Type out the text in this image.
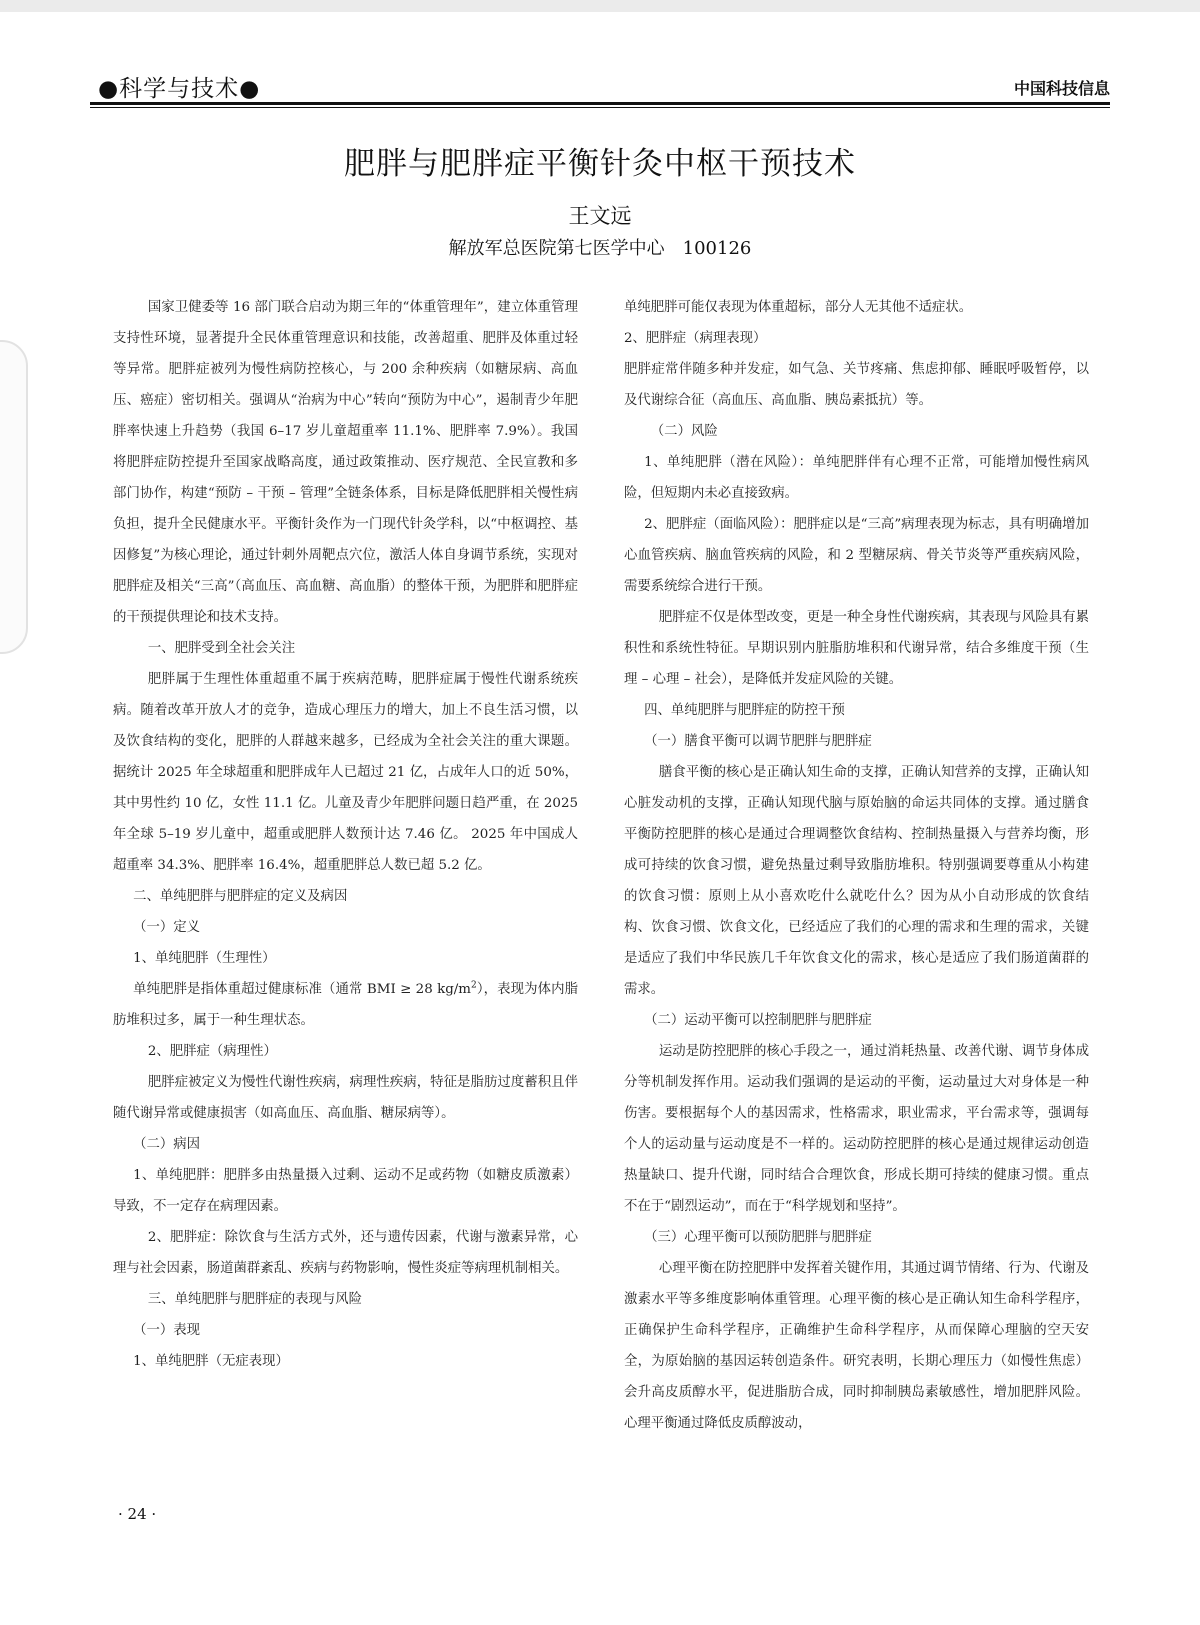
●科学与技术●	中国科技信息
肥胖与肥胖症平衡针灸中枢干预技术
王文远
解放军总医院第七医学中心 100126

国家卫健委等 16 部门联合启动为期三年的“体重管理年”，建立体重管理支持性环境，显著提升全民体重管理意识和技能，改善超重、肥胖及体重过轻等异常。肥胖症被列为慢性病防控核心，与 200 余种疾病（如糖尿病、高血压、癌症）密切相关。强调从“治病为中心”转向“预防为中心”，遏制青少年肥胖率快速上升趋势（我国 6–17 岁儿童超重率 11.1%、肥胖率 7.9%）。我国将肥胖症防控提升至国家战略高度，通过政策推动、医疗规范、全民宣教和多部门协作，构建“预防 – 干预 – 管理”全链条体系，目标是降低肥胖相关慢性病负担，提升全民健康水平。平衡针灸作为一门现代针灸学科，以“中枢调控、基因修复”为核心理论，通过针刺外周靶点穴位，激活人体自身调节系统，实现对肥胖症及相关“三高”（高血压、高血糖、高血脂）的整体干预，为肥胖和肥胖症的干预提供理论和技术支持。

一、肥胖受到全社会关注

肥胖属于生理性体重超重不属于疾病范畴，肥胖症属于慢性代谢系统疾病。随着改革开放人才的竞争，造成心理压力的增大，加上不良生活习惯，以及饮食结构的变化，肥胖的人群越来越多，已经成为全社会关注的重大课题。 据统计 2025 年全球超重和肥胖成年人已超过 21 亿，占成年人口的近 50%，其中男性约 10 亿，女性 11.1 亿。儿童及青少年肥胖问题日趋严重，在 2025 年全球 5–19 岁儿童中，超重或肥胖人数预计达 7.46 亿。 2025 年中国成人超重率 34.3%、肥胖率 16.4%，超重肥胖总人数已超 5.2 亿。

二、单纯肥胖与肥胖症的定义及病因

（一）定义

1、单纯肥胖（生理性）

单纯肥胖是指体重超过健康标准（通常 BMI ≥ 28 $kg/m^2$），表现为体内脂肪堆积过多，属于一种生理状态。

2、肥胖症（病理性）

肥胖症被定义为慢性代谢性疾病，病理性疾病，特征是脂肪过度蓄积且伴随代谢异常或健康损害（如高血压、高血脂、糖尿病等）。

（二）病因

1、单纯肥胖：肥胖多由热量摄入过剩、运动不足或药物（如糖皮质激素）导致，不一定存在病理因素。

2、肥胖症：除饮食与生活方式外，还与遗传因素，代谢与激素异常，心理与社会因素，肠道菌群紊乱、疾病与药物影响，慢性炎症等病理机制相关。

三、单纯肥胖与肥胖症的表现与风险

（一）表现

1、单纯肥胖（无症表现）

单纯肥胖可能仅表现为体重超标，部分人无其他不适症状。

2、肥胖症（病理表现）

肥胖症常伴随多种并发症，如气急、关节疼痛、焦虑抑郁、睡眠呼吸暂停，以及代谢综合征（高血压、高血脂、胰岛素抵抗）等。

（二）风险

1、单纯肥胖（潜在风险）：单纯肥胖伴有心理不正常，可能增加慢性病风险，但短期内未必直接致病。

2、肥胖症（面临风险）：肥胖症以是“三高”病理表现为标志，具有明确增加心血管疾病、脑血管疾病的风险，和 2 型糖尿病、骨关节炎等严重疾病风险，需要系统综合进行干预。

肥胖症不仅是体型改变，更是一种全身性代谢疾病，其表现与风险具有累积性和系统性特征。早期识别内脏脂肪堆积和代谢异常，结合多维度干预（生理 – 心理 – 社会），是降低并发症风险的关键。

四、单纯肥胖与肥胖症的防控干预

（一）膳食平衡可以调节肥胖与肥胖症

膳食平衡的核心是正确认知生命的支撑，正确认知营养的支撑，正确认知心脏发动机的支撑，正确认知现代脑与原始脑的命运共同体的支撑。通过膳食平衡防控肥胖的核心是通过合理调整饮食结构、控制热量摄入与营养均衡，形成可持续的饮食习惯，避免热量过剩导致脂肪堆积。特别强调要尊重从小构建的饮食习惯：原则上从小喜欢吃什么就吃什么？因为从小自动形成的饮食结构、饮食习惯、饮食文化，已经适应了我们的心理的需求和生理的需求，关键是适应了我们中华民族几千年饮食文化的需求，核心是适应了我们肠道菌群的需求。

（二）运动平衡可以控制肥胖与肥胖症

运动是防控肥胖的核心手段之一，通过消耗热量、改善代谢、调节身体成分等机制发挥作用。运动我们强调的是运动的平衡，运动量过大对身体是一种伤害。要根据每个人的基因需求，性格需求，职业需求，平台需求等，强调每个人的运动量与运动度是不一样的。运动防控肥胖的核心是通过规律运动创造热量缺口、提升代谢，同时结合合理饮食，形成长期可持续的健康习惯。重点不在于“剧烈运动”，而在于“科学规划和坚持”。

（三）心理平衡可以预防肥胖与肥胖症

心理平衡在防控肥胖中发挥着关键作用，其通过调节情绪、行为、代谢及激素水平等多维度影响体重管理。心理平衡的核心是正确认知生命科学程序，正确保护生命科学程序，正确维护生命科学程序，从而保障心理脑的空天安全，为原始脑的基因运转创造条件。研究表明，长期心理压力（如慢性焦虑）会升高皮质醇水平，促进脂肪合成，同时抑制胰岛素敏感性，增加肥胖风险。心理平衡通过降低皮质醇波动，

· 24 ·
